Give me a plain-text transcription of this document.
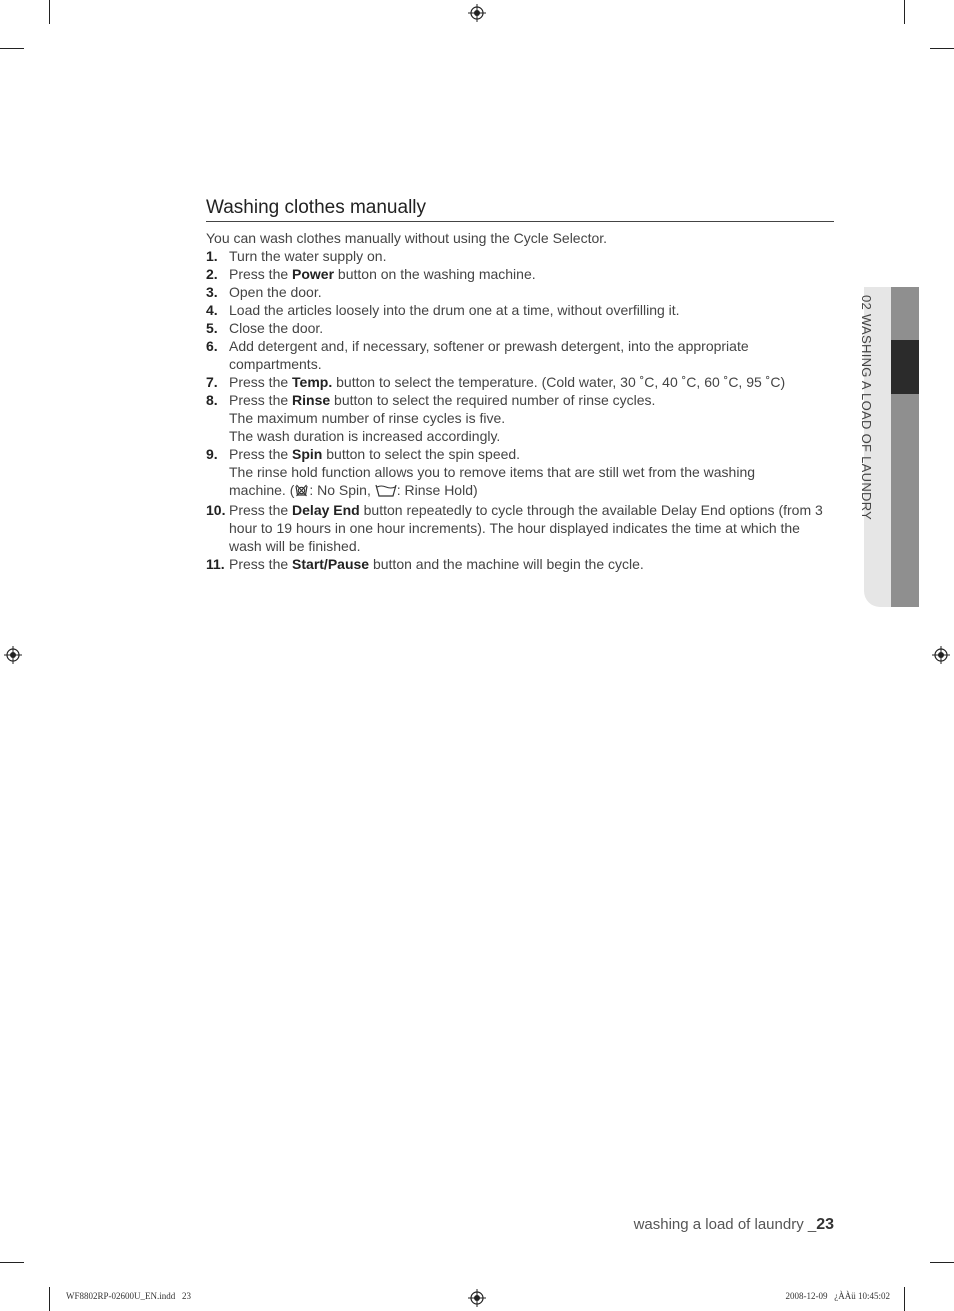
Washing clothes manually
You can wash clothes manually without using the Cycle Selector.
1. Turn the water supply on.
2. Press the Power button on the washing machine.
3. Open the door.
4. Load the articles loosely into the drum one at a time, without overfilling it.
5. Close the door.
6. Add detergent and, if necessary, softener or prewash detergent, into the appropriate compartments.
7. Press the Temp. button to select the temperature. (Cold water, 30 ˚C, 40 ˚C, 60 ˚C, 95 ˚C)
8. Press the Rinse button to select the required number of rinse cycles.
The maximum number of rinse cycles is five.
The wash duration is increased accordingly.
9. Press the Spin button to select the spin speed.
The rinse hold function allows you to remove items that are still wet from the washing
machine. ( : No Spin, : Rinse Hold)
10. Press the Delay End button repeatedly to cycle through the available Delay End options (from 3 hour to 19 hours in one hour increments). The hour displayed indicates the time at which the wash will be finished.
11. Press the Start/Pause button and the machine will begin the cycle.
02 WASHING A LOAD OF LAUNDRY
washing a load of laundry _23
WF8802RP-02600U_EN.indd   23	2008-12-09   ¿ÀÀü 10:45:02
